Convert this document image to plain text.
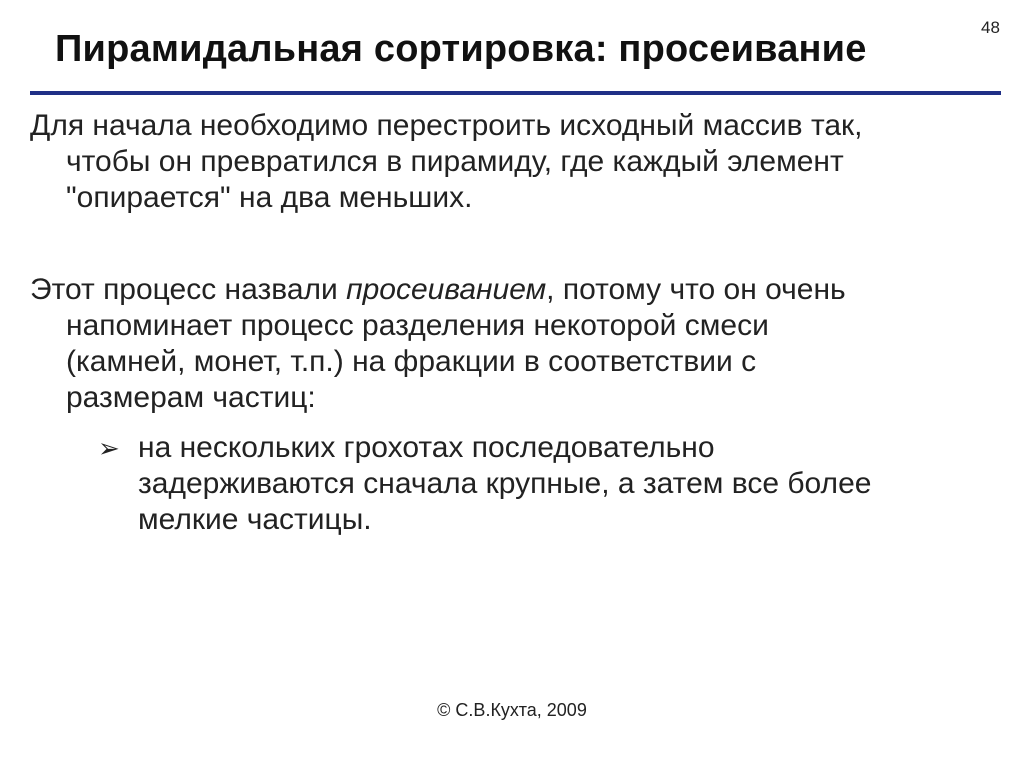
48
Пирамидальная сортировка: просеивание

Для начала необходимо перестроить исходный массив так,
чтобы он превратился в пирамиду, где каждый элемент
"опирается" на два меньших.

Этот процесс назвали просеиванием, потому что он очень
напоминает процесс разделения некоторой смеси
(камней, монет, т.п.) на фракции в соответствии с
размерам частиц:

➢ на нескольких грохотах последовательно
задерживаются сначала крупные, а затем все более
мелкие частицы.
© С.В.Кухта, 2009
